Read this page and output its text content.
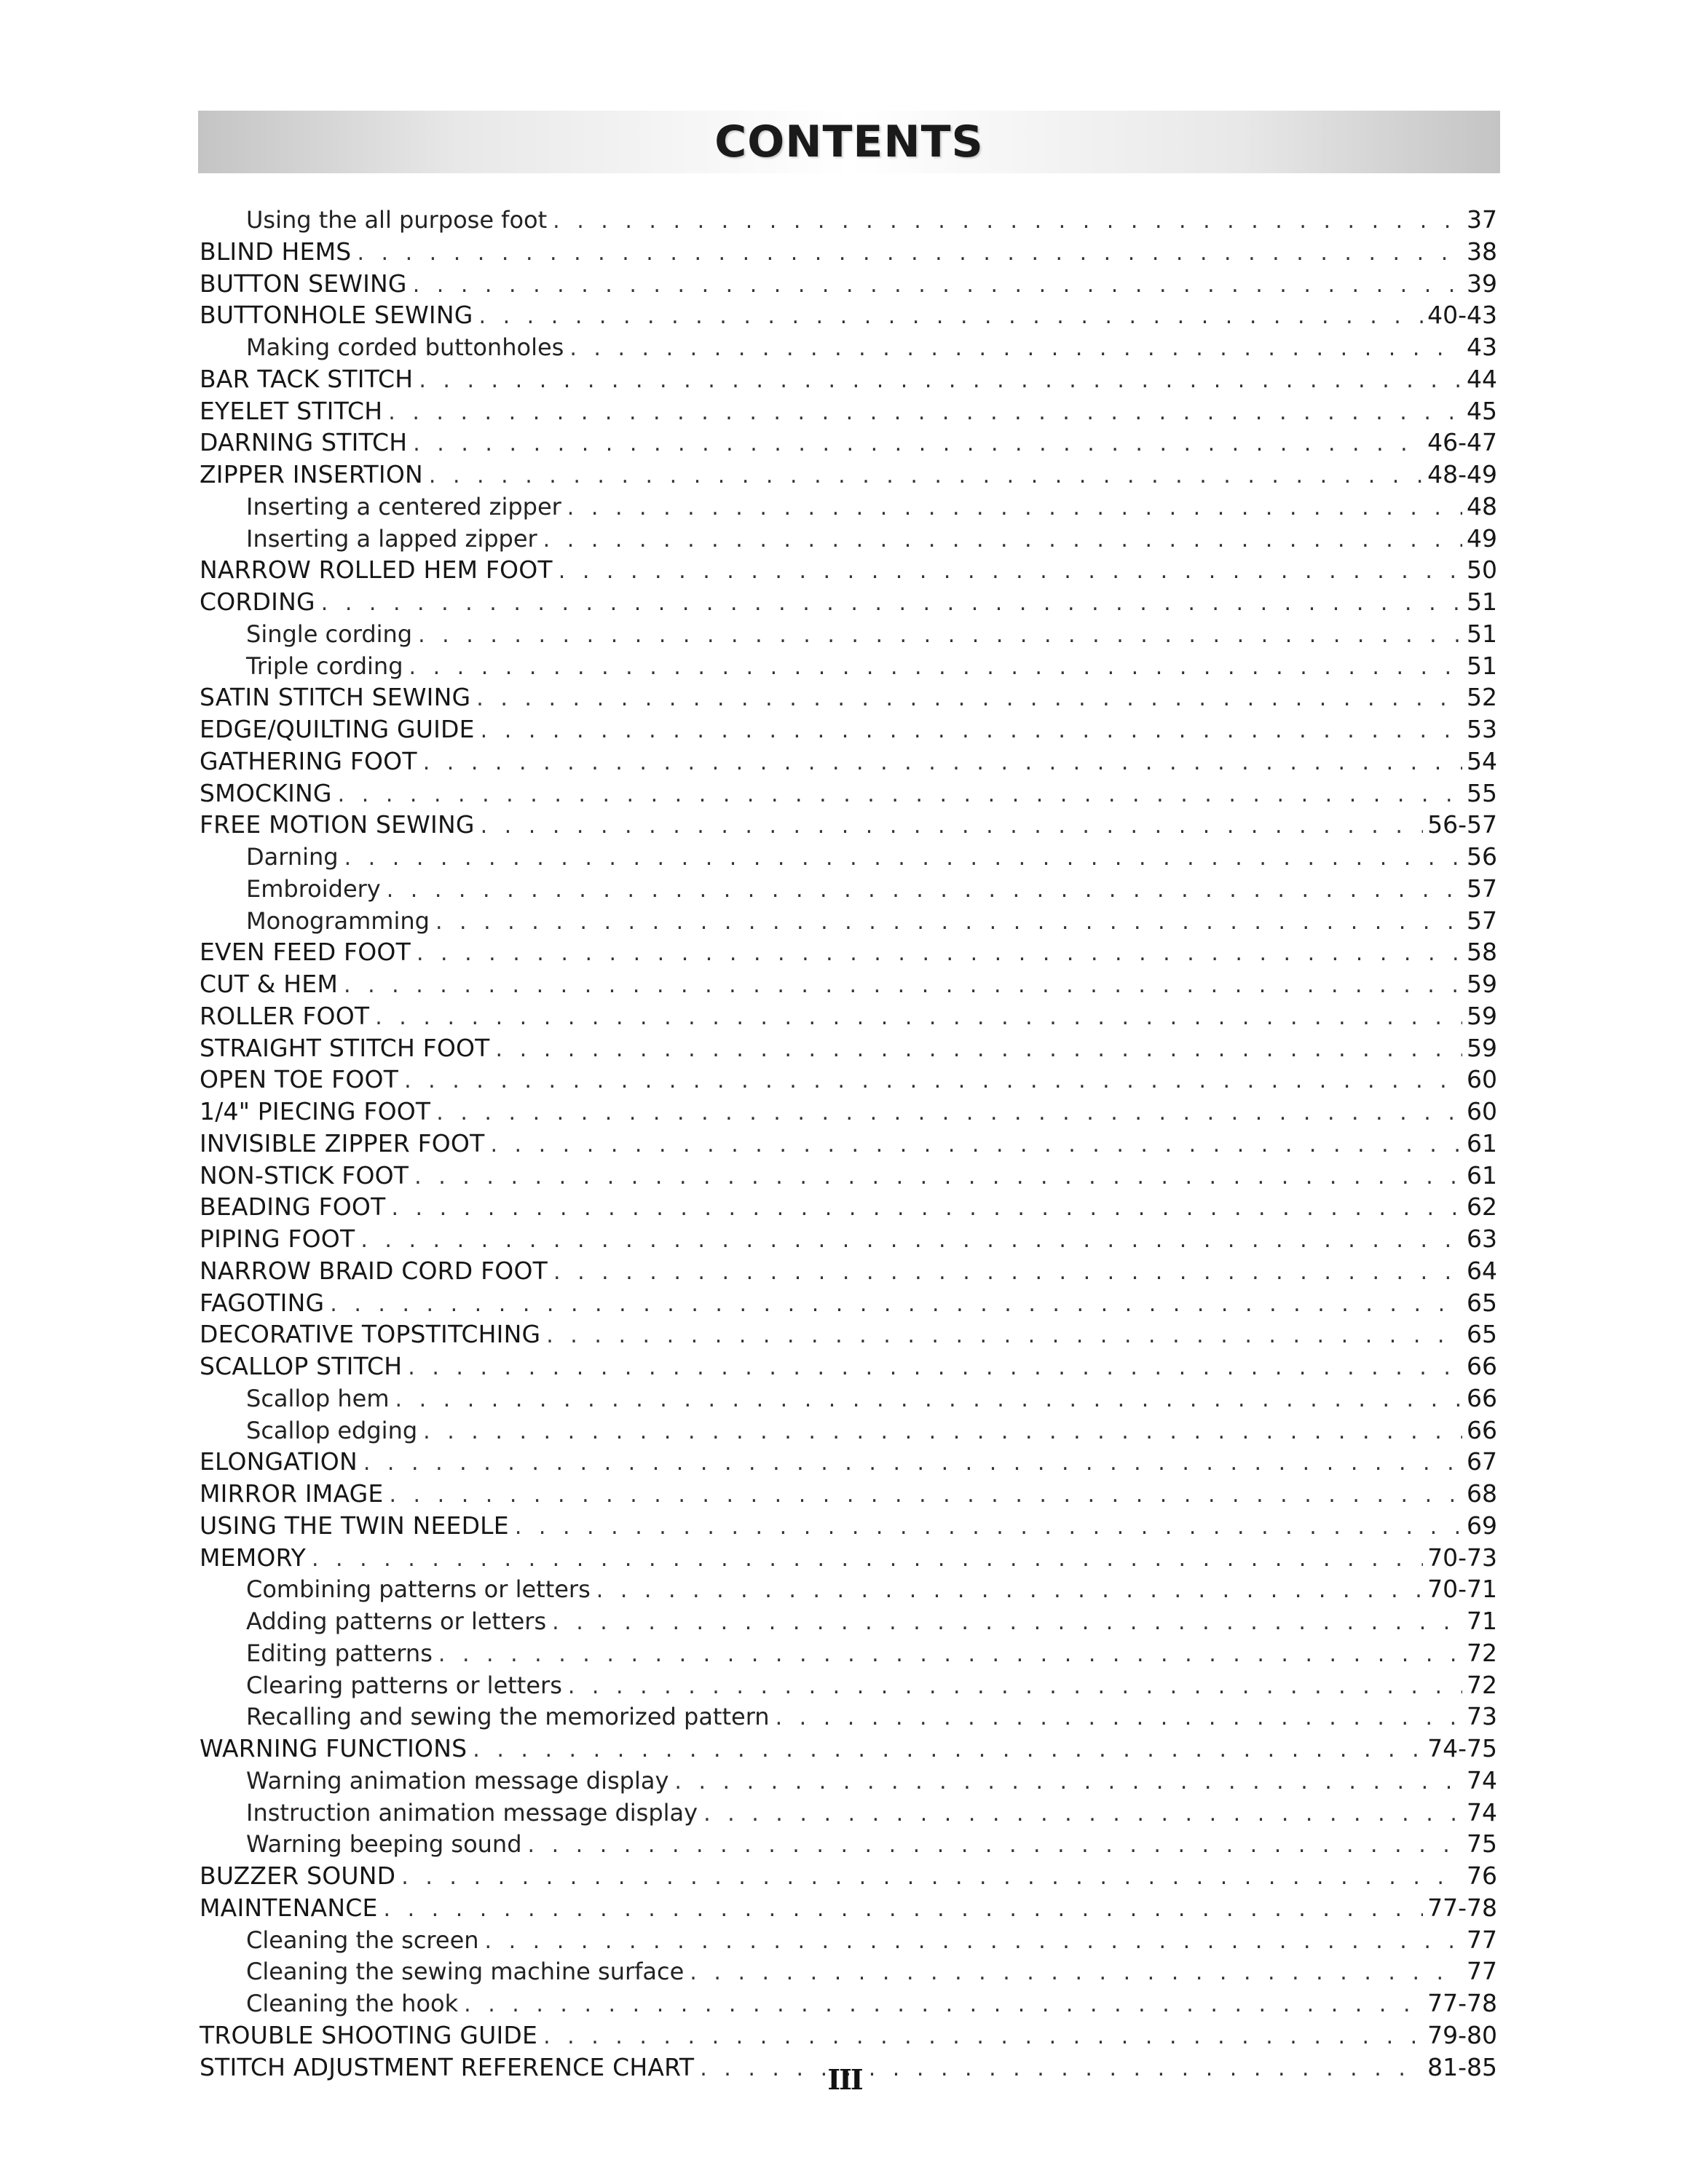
CONTENTS
Using the all purpose foot . . .	37
BLIND HEMS . . .	38
BUTTON SEWING . . .	39
BUTTONHOLE SEWING . . .	40-43
Making corded buttonholes . . .	43
BAR TACK STITCH . . .	44
EYELET STITCH . . .	45
DARNING STITCH . . .	46-47
ZIPPER INSERTION . . .	48-49
Inserting a centered zipper . . .	48
Inserting a lapped zipper . . .	49
NARROW ROLLED HEM FOOT . . .	50
CORDING . . .	51
Single cording . . .	51
Triple cording . . .	51
SATIN STITCH SEWING . . .	52
EDGE/QUILTING GUIDE . . .	53
GATHERING FOOT . . .	54
SMOCKING . . .	55
FREE MOTION SEWING . . .	56-57
Darning . . .	56
Embroidery . . .	57
Monogramming . . .	57
EVEN FEED FOOT . . .	58
CUT & HEM . . .	59
ROLLER FOOT . . .	59
STRAIGHT STITCH FOOT . . .	59
OPEN TOE FOOT . . .	60
1/4" PIECING FOOT . . .	60
INVISIBLE ZIPPER FOOT . . .	61
NON-STICK FOOT . . .	61
BEADING FOOT . . .	62
PIPING FOOT . . .	63
NARROW BRAID CORD FOOT . . .	64
FAGOTING . . .	65
DECORATIVE TOPSTITCHING . . .	65
SCALLOP STITCH . . .	66
Scallop hem . . .	66
Scallop edging . . .	66
ELONGATION . . .	67
MIRROR IMAGE . . .	68
USING THE TWIN NEEDLE . . .	69
MEMORY . . .	70-73
Combining patterns or letters . . .	70-71
Adding patterns or letters . . .	71
Editing patterns . . .	72
Clearing patterns or letters . . .	72
Recalling and sewing the memorized pattern . . .	73
WARNING FUNCTIONS . . .	74-75
Warning animation message display . . .	74
Instruction animation message display . . .	74
Warning beeping sound . . .	75
BUZZER SOUND . . .	76
MAINTENANCE . . .	77-78
Cleaning the screen . . .	77
Cleaning the sewing machine surface . . .	77
Cleaning the hook . . .	77-78
TROUBLE SHOOTING GUIDE . . .	79-80
STITCH ADJUSTMENT REFERENCE CHART . . .	81-85
III
